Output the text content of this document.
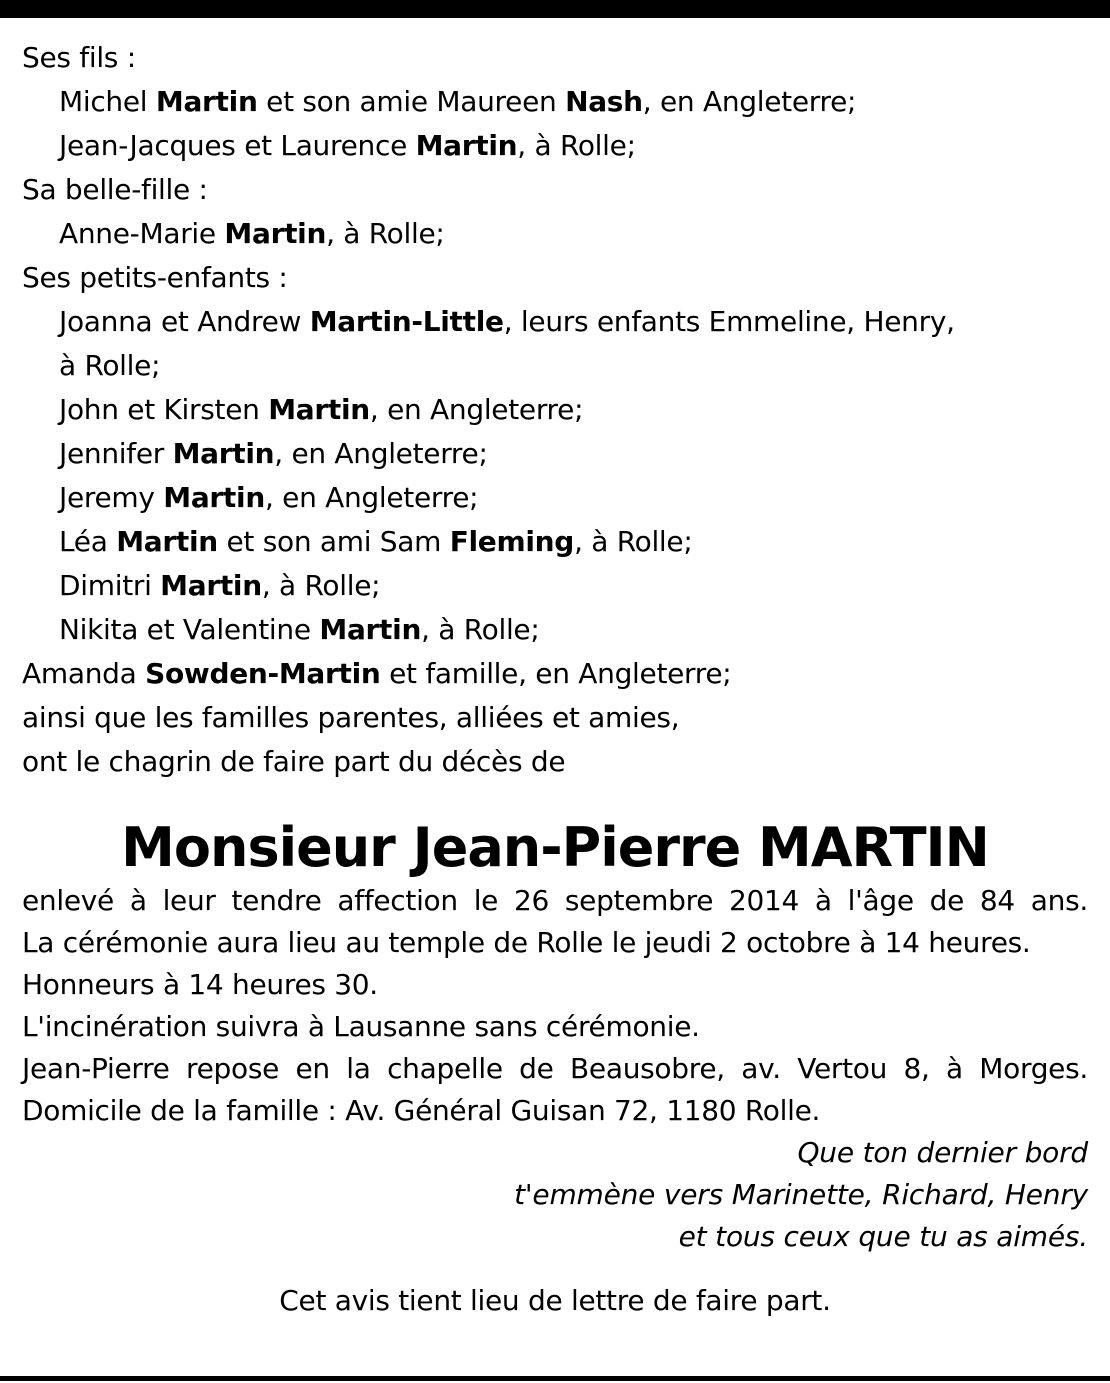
Ses fils :
Michel Martin et son amie Maureen Nash, en Angleterre;
Jean-Jacques et Laurence Martin, à Rolle;
Sa belle-fille :
Anne-Marie Martin, à Rolle;
Ses petits-enfants :
Joanna et Andrew Martin-Little, leurs enfants Emmeline, Henry,
à Rolle;
John et Kirsten Martin, en Angleterre;
Jennifer Martin, en Angleterre;
Jeremy Martin, en Angleterre;
Léa Martin et son ami Sam Fleming, à Rolle;
Dimitri Martin, à Rolle;
Nikita et Valentine Martin, à Rolle;
Amanda Sowden-Martin et famille, en Angleterre;
ainsi que les familles parentes, alliées et amies,
ont le chagrin de faire part du décès de
Monsieur Jean-Pierre MARTIN
enlevé à leur tendre affection le 26 septembre 2014 à l'âge de 84 ans.
La cérémonie aura lieu au temple de Rolle le jeudi 2 octobre à 14 heures.
Honneurs à 14 heures 30.
L'incinération suivra à Lausanne sans cérémonie.
Jean-Pierre repose en la chapelle de Beausobre, av. Vertou 8, à Morges.
Domicile de la famille : Av. Général Guisan 72, 1180 Rolle.
Que ton dernier bord
t'emmène vers Marinette, Richard, Henry
et tous ceux que tu as aimés.
Cet avis tient lieu de lettre de faire part.
